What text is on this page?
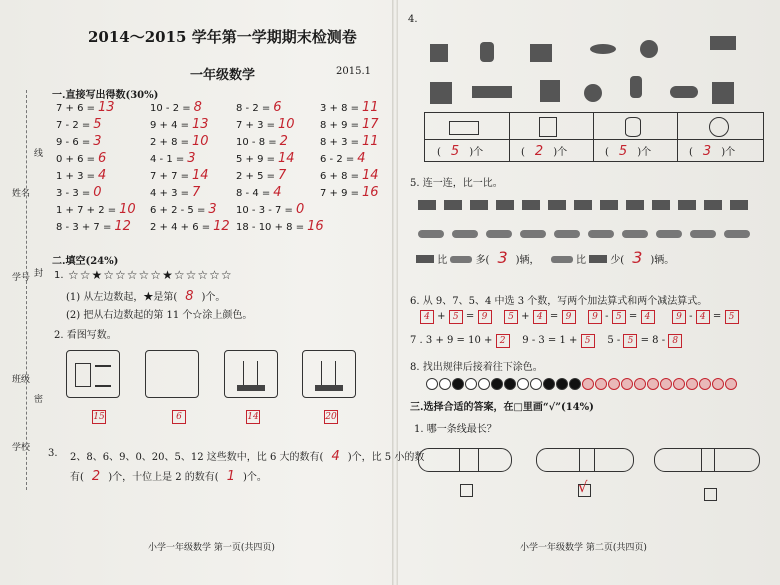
2014～2015 学年第一学期期末检测卷
一年级数学	2015.1
学校
班级
姓名
学号
线
封
密
一.直接写出得数(30%)
7 + 6 = 13	10 - 2 = 8	8 - 2 = 6	3 + 8 = 11
7 - 2 = 5	9 + 4 = 13	7 + 3 = 10	8 + 9 = 17
9 - 6 = 3	2 + 8 = 10	10 - 8 = 2	8 + 3 = 11
0 + 6 = 6	4 - 1 = 3	5 + 9 = 14	6 - 2 = 4
1 + 3 = 4	7 + 7 = 14	2 + 5 = 7	6 + 8 = 14
3 - 3 = 0	4 + 3 = 7	8 - 4 = 4	7 + 9 = 16
1 + 7 + 2 = 10 6 + 2 - 5 = 3 10 - 3 - 7 = 0
8 - 3 + 7 = 12 2 + 4 + 6 = 12 18 - 10 + 8 = 16
二.填空(24%)
1. ☆☆★☆☆☆☆☆★☆☆☆☆☆
(1) 从左边数起，★是第( 8 )个。
(2) 把从右边数起的第 11 个☆涂上颜色。
2. 看图写数。
15	6	14	20
3. 2、8、6、9、0、20、5、12 这些数中，比 6 大的数有( 4 )个，比 5 小的数
有( 2 )个，十位上是 2 的数有( 1 )个。
小学一年级数学 第一页(共四页)
4.
( 5 )个	( 2 )个	( 5 )个	( 3 )个
5. 连一连，比一比。
比	多( 3 )辆，	比 少( 3 )辆。
6. 从 9、7、5、4 中选 3 个数，写两个加法算式和两个减法算式。
4 + 5 = 9	5 + 4 = 9	9 - 5 = 4	9 - 4 = 5
7 . 3 + 9 = 10 + 2 9 - 3 = 1 + 5 5 - 5 = 8 - 8
8. 找出规律后接着往下涂色。
三.选择合适的答案，在□里画“√”(14%)
1. 哪一条线最长？
√
小学一年级数学 第二页(共四页)
